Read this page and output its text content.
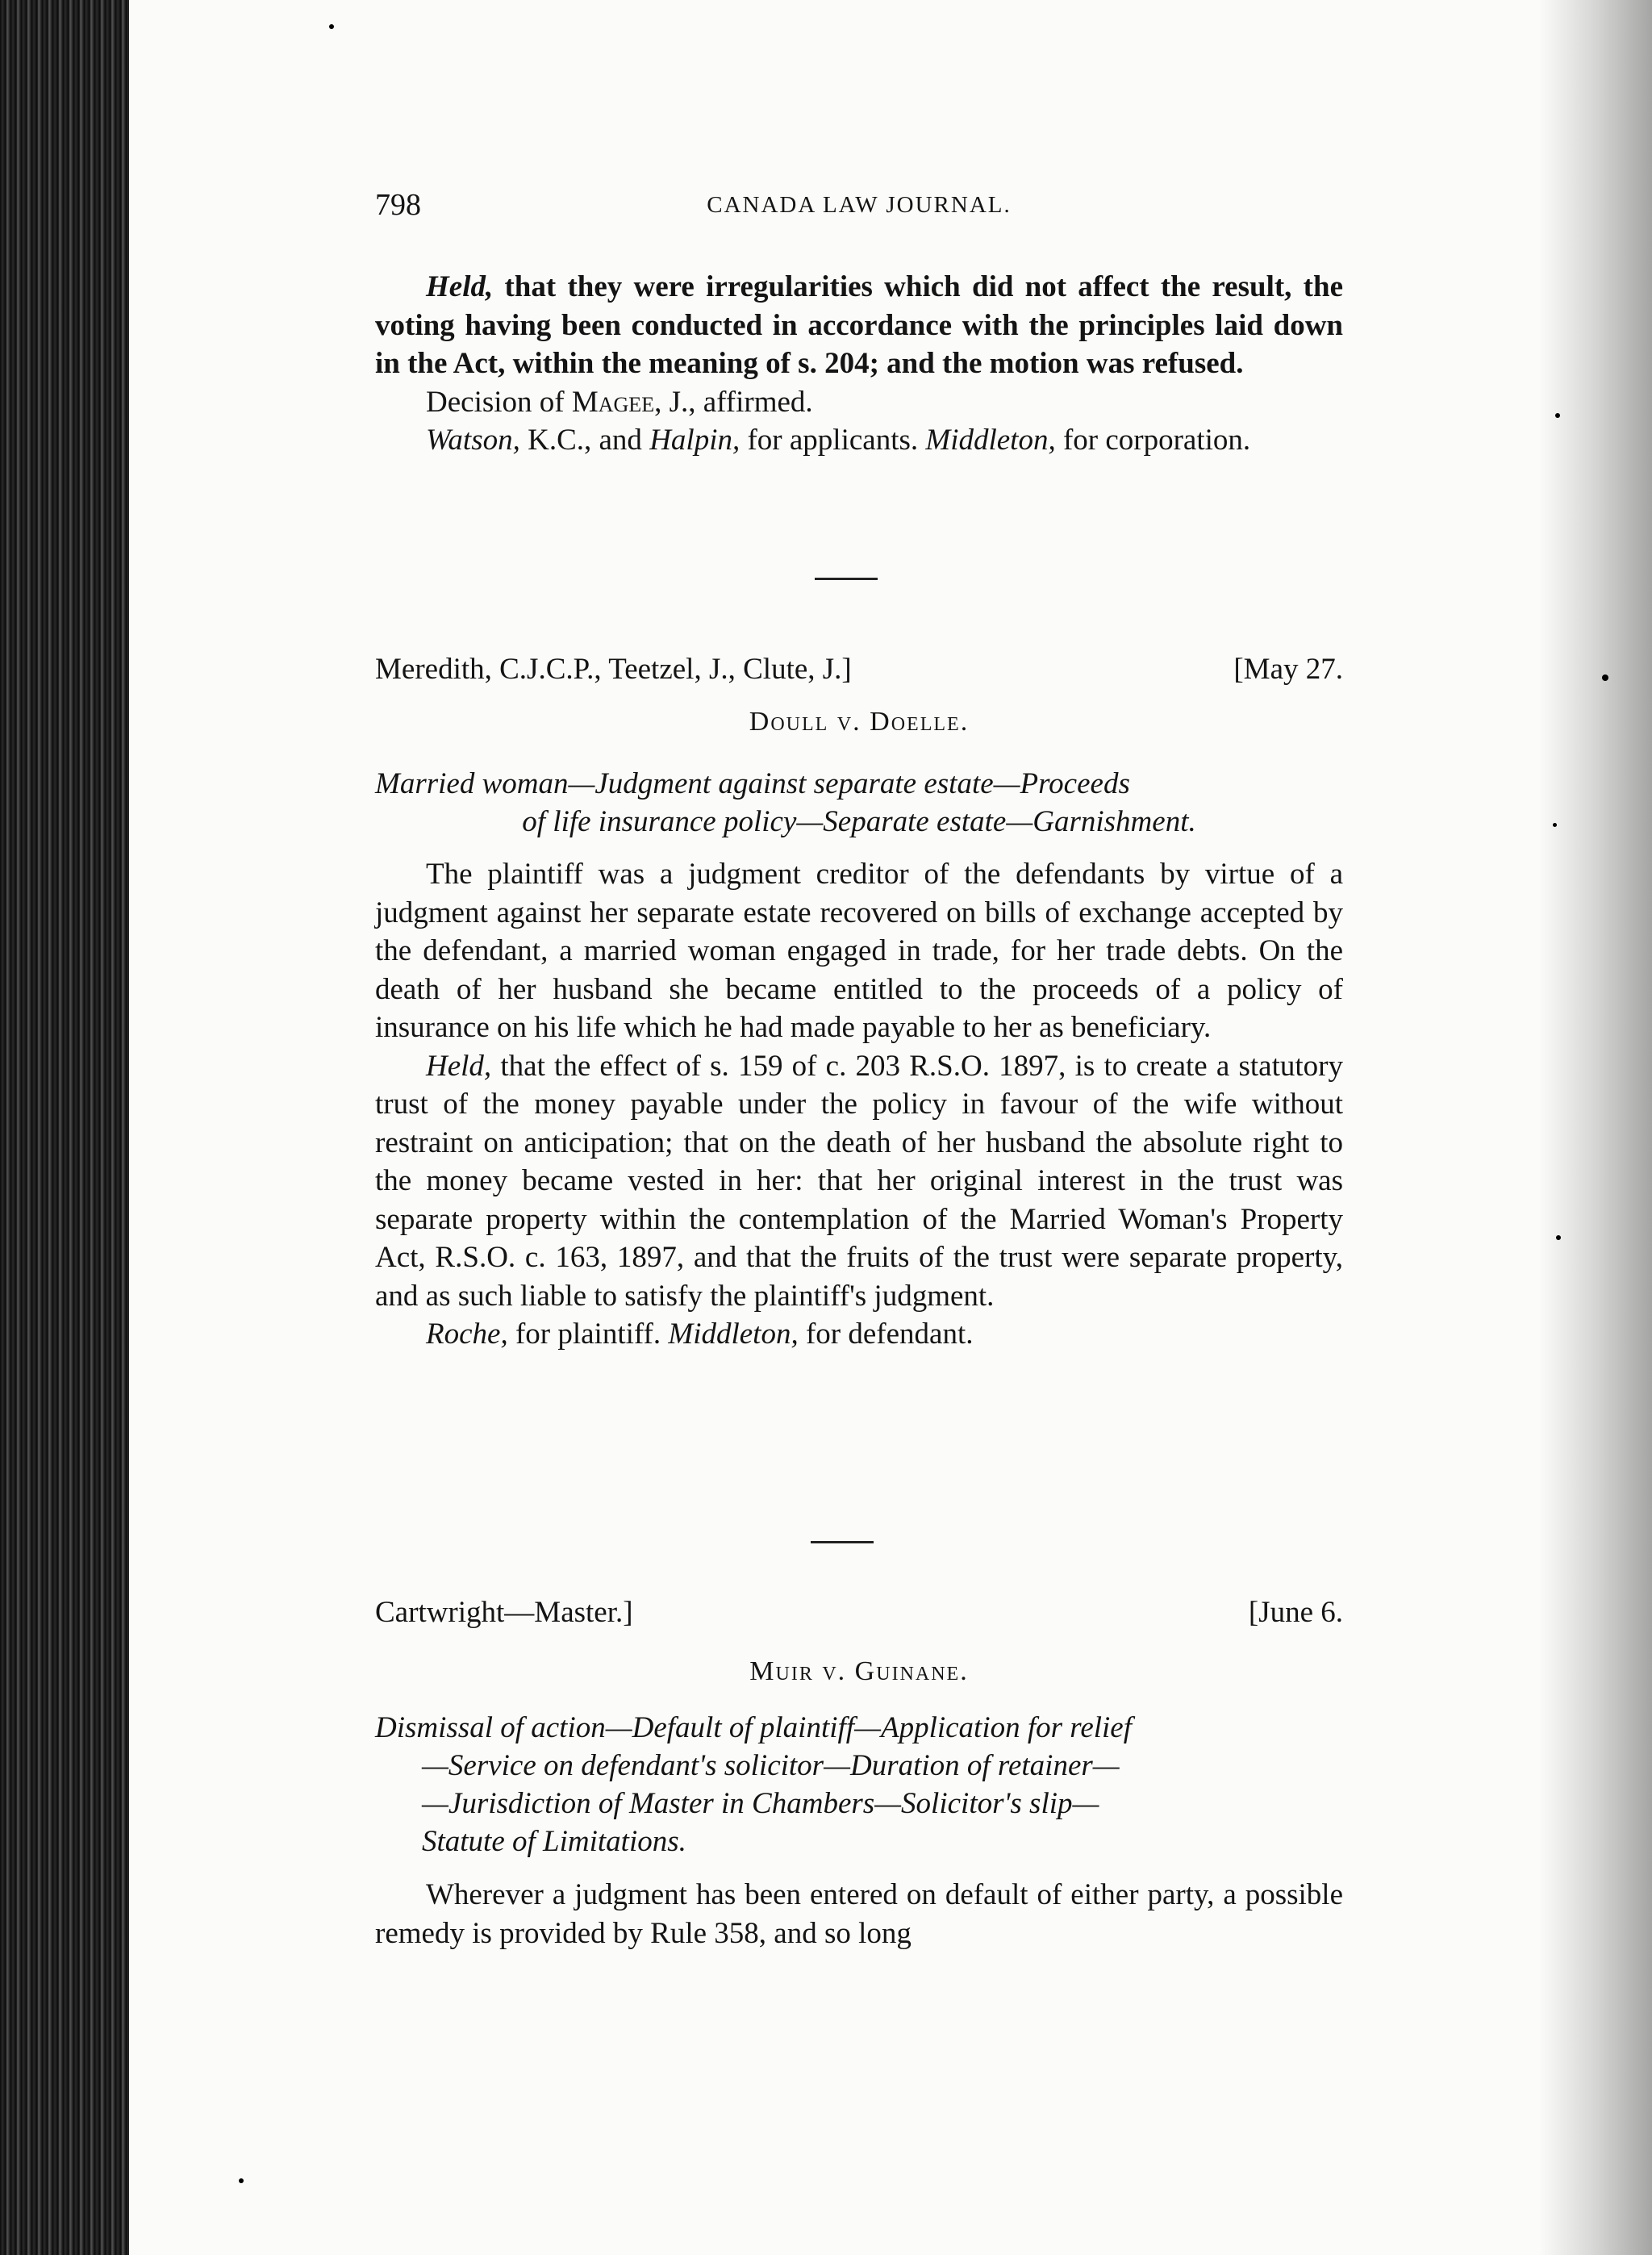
798	CANADA LAW JOURNAL.

Held, that they were irregularities which did not affect the result, the voting having been conducted in accordance with the principles laid down in the Act, within the meaning of s. 204; and the motion was refused.

Decision of Magee, J., affirmed.

Watson, K.C., and Halpin, for applicants. Middleton, for corporation.

Meredith, C.J.C.P., Teetzel, J., Clute, J.]	[May 27.
Doull v. Doelle.

Married woman—Judgment against separate estate—Proceeds

of life insurance policy—Separate estate—Garnishment.

The plaintiff was a judgment creditor of the defendants by virtue of a judgment against her separate estate recovered on bills of exchange accepted by the defendant, a married woman engaged in trade, for her trade debts. On the death of her husband she became entitled to the proceeds of a policy of insurance on his life which he had made payable to her as beneficiary.

Held, that the effect of s. 159 of c. 203 R.S.O. 1897, is to create a statutory trust of the money payable under the policy in favour of the wife without restraint on anticipation; that on the death of her husband the absolute right to the money became vested in her: that her original interest in the trust was separate property within the contemplation of the Married Woman's Property Act, R.S.O. c. 163, 1897, and that the fruits of the trust were separate property, and as such liable to satisfy the plaintiff's judgment.

Roche, for plaintiff. Middleton, for defendant.

Cartwright—Master.]	[June 6.
Muir v. Guinane.

Dismissal of action—Default of plaintiff—Application for relief

—Service on defendant's solicitor—Duration of retainer—

—Jurisdiction of Master in Chambers—Solicitor's slip—

Statute of Limitations.

Wherever a judgment has been entered on default of either party, a possible remedy is provided by Rule 358, and so long
